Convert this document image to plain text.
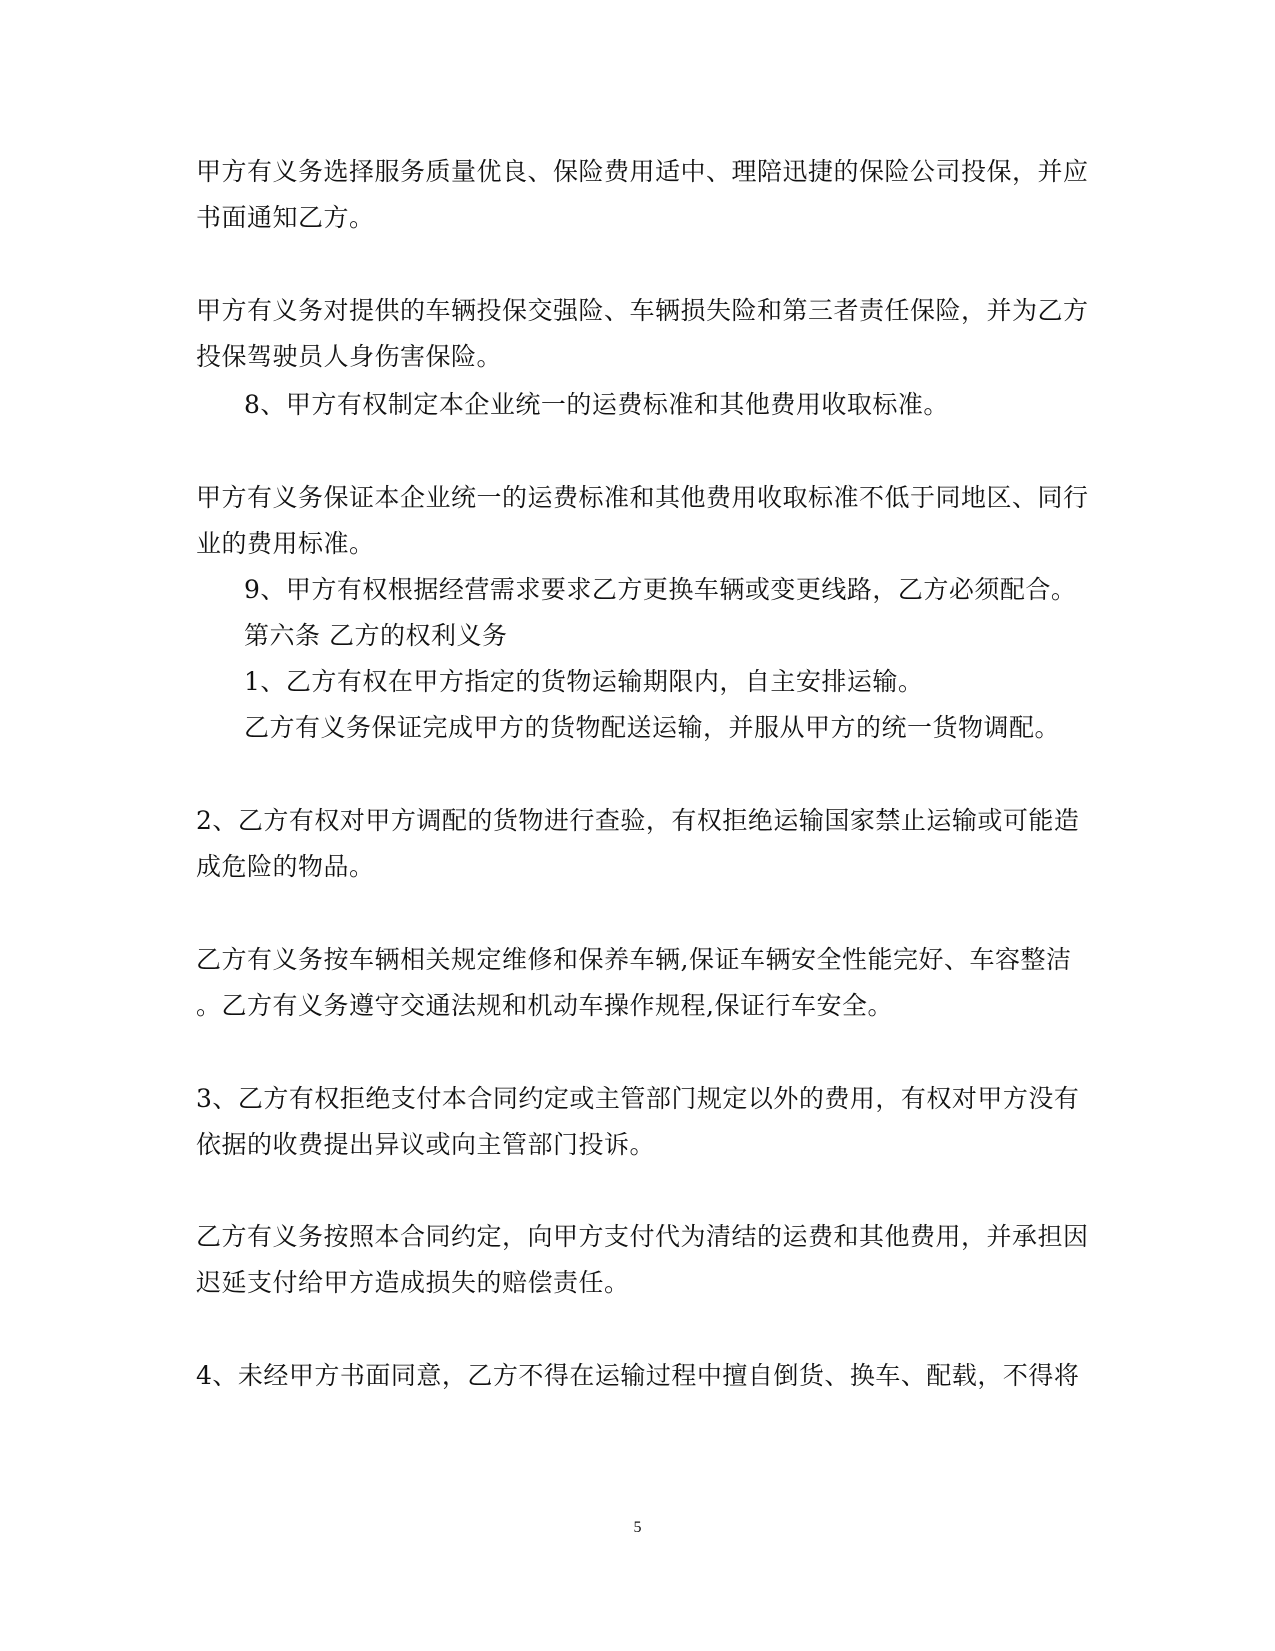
甲方有义务选择服务质量优良、保险费用适中、理陪迅捷的保险公司投保，并应
书面通知乙方。
甲方有义务对提供的车辆投保交强险、车辆损失险和第三者责任保险，并为乙方
投保驾驶员人身伤害保险。
8、甲方有权制定本企业统一的运费标准和其他费用收取标准。
甲方有义务保证本企业统一的运费标准和其他费用收取标准不低于同地区、同行
业的费用标准。
9、甲方有权根据经营需求要求乙方更换车辆或变更线路，乙方必须配合。
第六条 乙方的权利义务
1、乙方有权在甲方指定的货物运输期限内，自主安排运输。
乙方有义务保证完成甲方的货物配送运输，并服从甲方的统一货物调配。
2、乙方有权对甲方调配的货物进行查验，有权拒绝运输国家禁止运输或可能造
成危险的物品。
乙方有义务按车辆相关规定维修和保养车辆,保证车辆安全性能完好、车容整洁
。乙方有义务遵守交通法规和机动车操作规程,保证行车安全。
3、乙方有权拒绝支付本合同约定或主管部门规定以外的费用，有权对甲方没有
依据的收费提出异议或向主管部门投诉。
乙方有义务按照本合同约定，向甲方支付代为清结的运费和其他费用，并承担因
迟延支付给甲方造成损失的赔偿责任。
4、未经甲方书面同意，乙方不得在运输过程中擅自倒货、换车、配载，不得将
5
